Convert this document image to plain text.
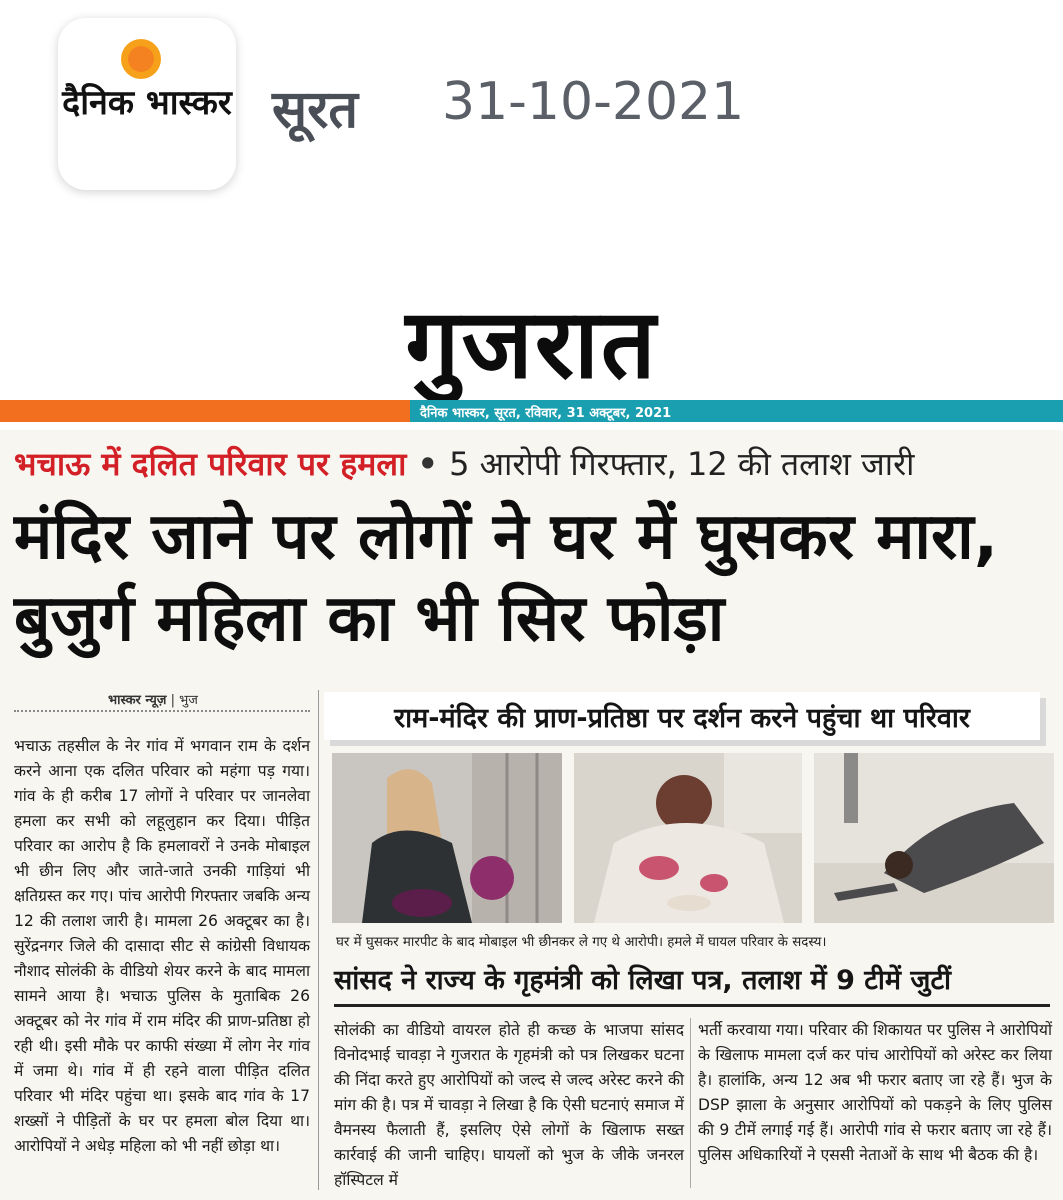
दैनिक भास्कर सूरत 31-10-2021
गुजरात
दैनिक भास्कर, सूरत, रविवार, 31 अक्टूबर, 2021
भचाऊ में दलित परिवार पर हमला • 5 आरोपी गिरफ्तार, 12 की तलाश जारी
मंदिर जाने पर लोगों ने घर में घुसकर मारा, बुजुर्ग महिला का भी सिर फोड़ा
भास्कर न्यूज़ | भुज

भचाऊ तहसील के नेर गांव में भगवान राम के दर्शन करने आना एक दलित परिवार को महंगा पड़ गया। गांव के ही करीब 17 लोगों ने परिवार पर जानलेवा हमला कर सभी को लहूलुहान कर दिया। पीड़ित परिवार का आरोप है कि हमलावरों ने उनके मोबाइल भी छीन लिए और जाते-जाते उनकी गाड़ियां भी क्षतिग्रस्त कर गए। पांच आरोपी गिरफ्तार जबकि अन्य 12 की तलाश जारी है। मामला 26 अक्टूबर का है। सुरेंद्रनगर जिले की दासादा सीट से कांग्रेसी विधायक नौशाद सोलंकी के वीडियो शेयर करने के बाद मामला सामने आया है। भचाऊ पुलिस के मुताबिक 26 अक्टूबर को नेर गांव में राम मंदिर की प्राण-प्रतिष्ठा हो रही थी। इसी मौके पर काफी संख्या में लोग नेर गांव में जमा थे। गांव में ही रहने वाला पीड़ित दलित परिवार भी मंदिर पहुंचा था। इसके बाद गांव के 17 शख्सों ने पीड़ितों के घर पर हमला बोल दिया था। आरोपियों ने अधेड़ महिला को भी नहीं छोड़ा था।

राम-मंदिर की प्राण-प्रतिष्ठा पर दर्शन करने पहुंचा था परिवार
घर में घुसकर मारपीट के बाद मोबाइल भी छीनकर ले गए थे आरोपी। हमले में घायल परिवार के सदस्य।
सांसद ने राज्य के गृहमंत्री को लिखा पत्र, तलाश में 9 टीमें जुटीं

सोलंकी का वीडियो वायरल होते ही कच्छ के भाजपा सांसद विनोदभाई चावड़ा ने गुजरात के गृहमंत्री को पत्र लिखकर घटना की निंदा करते हुए आरोपियों को जल्द से जल्द अरेस्ट करने की मांग की है। पत्र में चावड़ा ने लिखा है कि ऐसी घटनाएं समाज में वैमनस्य फैलाती हैं, इसलिए ऐसे लोगों के खिलाफ सख्त कार्रवाई की जानी चाहिए। घायलों को भुज के जीके जनरल हॉस्पिटल में

भर्ती करवाया गया। परिवार की शिकायत पर पुलिस ने आरोपियों के खिलाफ मामला दर्ज कर पांच आरोपियों को अरेस्ट कर लिया है। हालांकि, अन्य 12 अब भी फरार बताए जा रहे हैं। भुज के DSP झाला के अनुसार आरोपियों को पकड़ने के लिए पुलिस की 9 टीमें लगाई गई हैं। आरोपी गांव से फरार बताए जा रहे हैं। पुलिस अधिकारियों ने एससी नेताओं के साथ भी बैठक की है।
